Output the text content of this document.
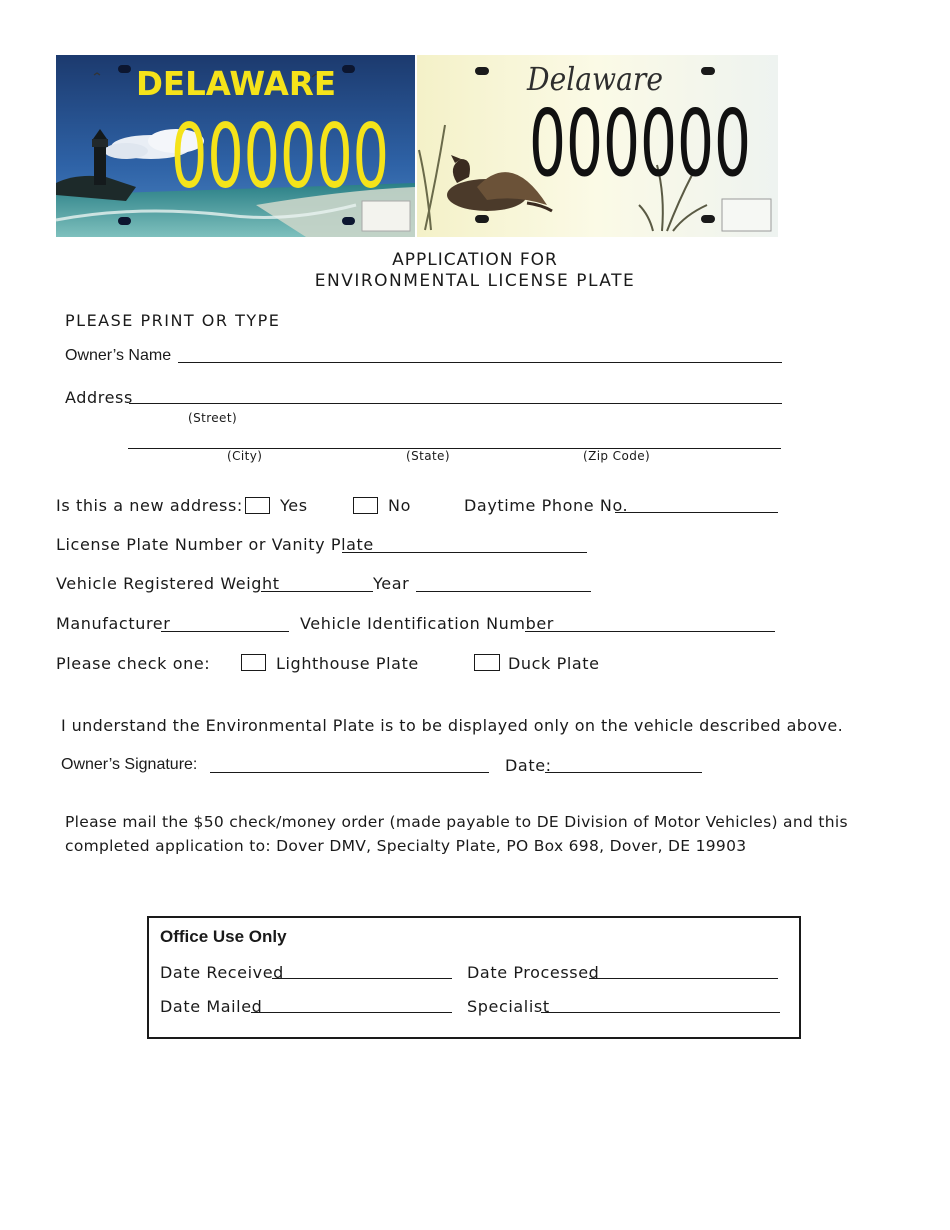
DELAWARE
000000
Delaware
000000
APPLICATION FOR
ENVIRONMENTAL LICENSE PLATE
PLEASE PRINT OR TYPE
Owner’s Name
Address
(Street)
(City)	(State)	(Zip Code)
Is this a new address: Yes	No	Daytime Phone No.
License Plate Number or Vanity Plate
Vehicle Registered Weight	Year
Manufacturer	Vehicle Identification Number
Please check one:	Lighthouse Plate	Duck Plate
I understand the Environmental Plate is to be displayed only on the vehicle described above.
Owner’s Signature:	Date:
Please mail the $50 check/money order (made payable to DE Division of Motor Vehicles) and this
completed application to: Dover DMV, Specialty Plate, PO Box 698, Dover, DE 19903
Office Use Only
Date Received	Date Processed
Date Mailed	Specialist
